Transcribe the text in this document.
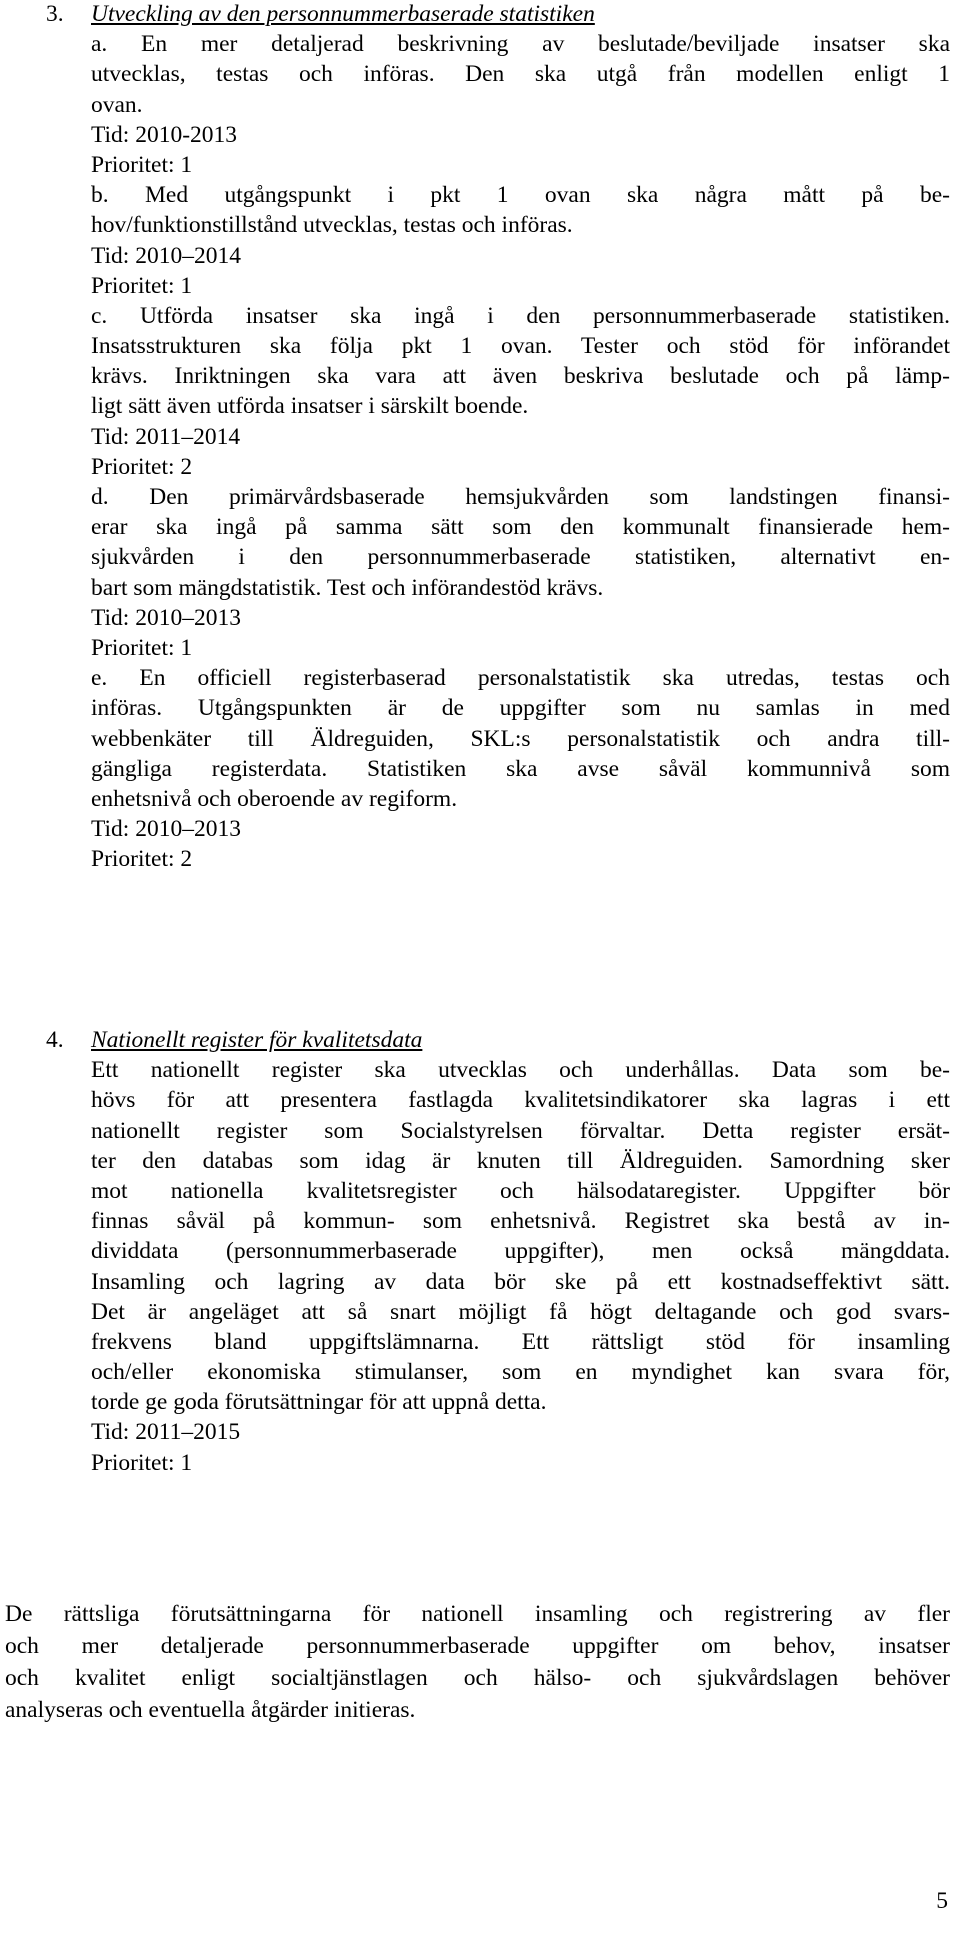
3. Utveckling av den personnummerbaserade statistiken
a. En mer detaljerad beskrivning av beslutade/beviljade insatser ska
utvecklas, testas och införas. Den ska utgå från modellen enligt 1
ovan.
Tid: 2010-2013
Prioritet: 1
b. Med utgångspunkt i pkt 1 ovan ska några mått på be-
hov/funktionstillstånd utvecklas, testas och införas.
Tid: 2010–2014
Prioritet: 1
c. Utförda insatser ska ingå i den personnummerbaserade statistiken.
Insatsstrukturen ska följa pkt 1 ovan. Tester och stöd för införandet
krävs. Inriktningen ska vara att även beskriva beslutade och på lämp-
ligt sätt även utförda insatser i särskilt boende.
Tid: 2011–2014
Prioritet: 2
d. Den primärvårdsbaserade hemsjukvården som landstingen finansi-
erar ska ingå på samma sätt som den kommunalt finansierade hem-
sjukvården i den personnummerbaserade statistiken, alternativt en-
bart som mängdstatistik. Test och införandestöd krävs.
Tid: 2010–2013
Prioritet: 1
e. En officiell registerbaserad personalstatistik ska utredas, testas och
införas. Utgångspunkten är de uppgifter som nu samlas in med
webbenkäter till Äldreguiden, SKL:s personalstatistik och andra till-
gängliga registerdata. Statistiken ska avse såväl kommunnivå som
enhetsnivå och oberoende av regiform.
Tid: 2010–2013
Prioritet: 2
4. Nationellt register för kvalitetsdata
Ett nationellt register ska utvecklas och underhållas. Data som be-
hövs för att presentera fastlagda kvalitetsindikatorer ska lagras i ett
nationellt register som Socialstyrelsen förvaltar. Detta register ersät-
ter den databas som idag är knuten till Äldreguiden. Samordning sker
mot nationella kvalitetsregister och hälsodataregister. Uppgifter bör
finnas såväl på kommun- som enhetsnivå. Registret ska bestå av in-
dividdata (personnummerbaserade uppgifter), men också mängddata.
Insamling och lagring av data bör ske på ett kostnadseffektivt sätt.
Det är angeläget att så snart möjligt få högt deltagande och god svars-
frekvens bland uppgiftslämnarna. Ett rättsligt stöd för insamling
och/eller ekonomiska stimulanser, som en myndighet kan svara för,
torde ge goda förutsättningar för att uppnå detta.
Tid: 2011–2015
Prioritet: 1
De rättsliga förutsättningarna för nationell insamling och registrering av fler
och mer detaljerade personnummerbaserade uppgifter om behov, insatser
och kvalitet enligt socialtjänstlagen och hälso- och sjukvårdslagen behöver
analyseras och eventuella åtgärder initieras.
5
